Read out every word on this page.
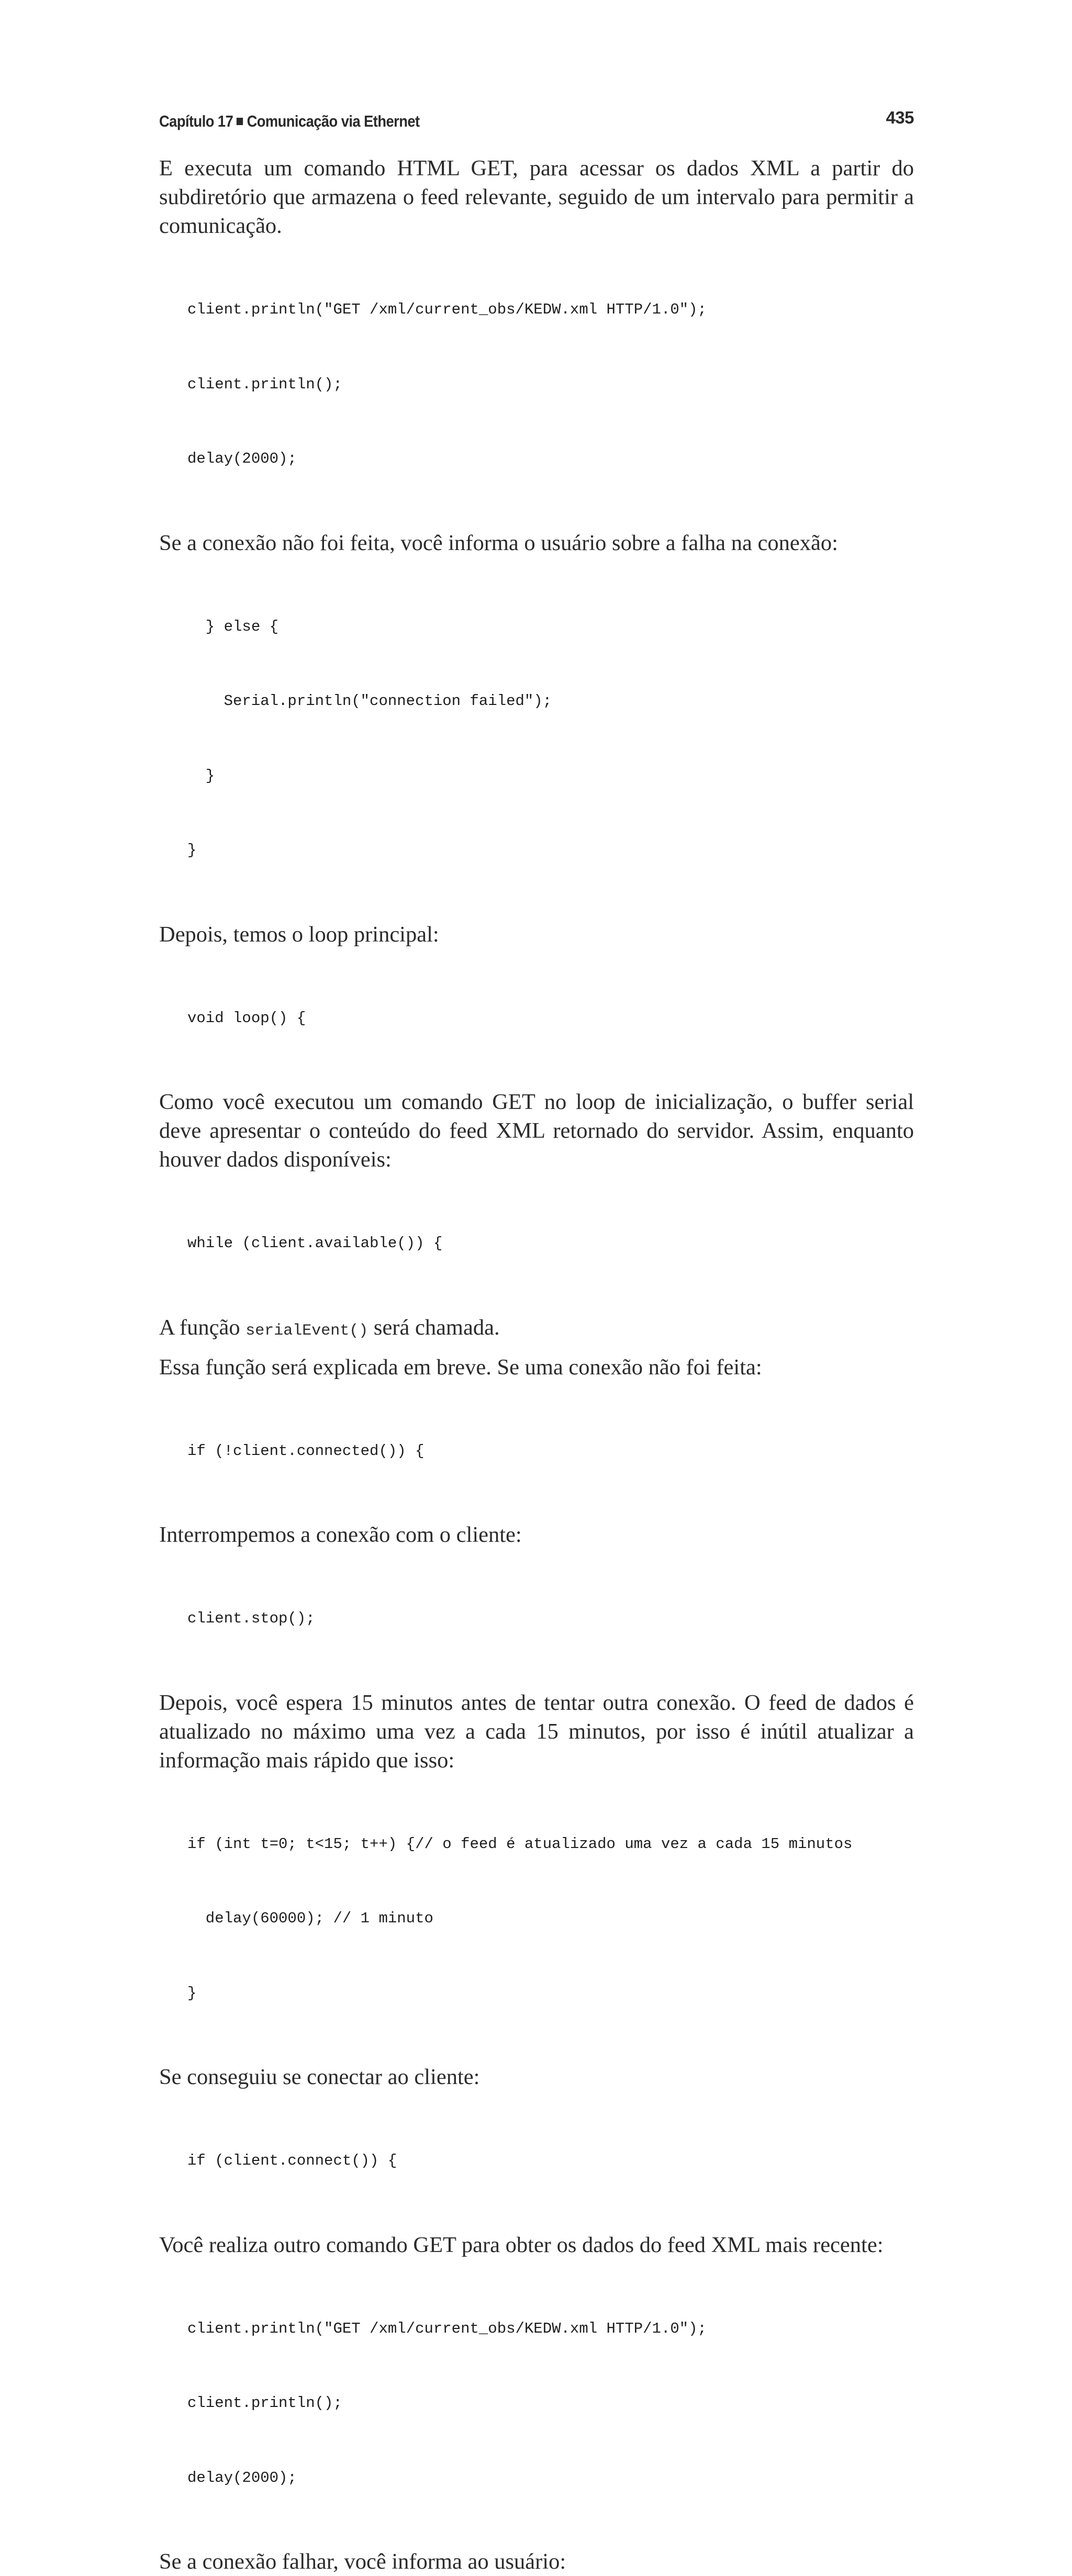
Capítulo 17 Comunicação via Ethernet	435

E executa um comando HTML GET, para acessar os dados XML a partir do subdiretório que armazena o feed relevante, seguido de um intervalo para permitir a comunicação.

client.println("GET /xml/current_obs/KEDW.xml HTTP/1.0");

client.println();

delay(2000);

Se a conexão não foi feita, você informa o usuário sobre a falha na conexão:

} else {

Serial.println("connection failed");

}

}

Depois, temos o loop principal:

void loop() {

Como você executou um comando GET no loop de inicialização, o buffer serial deve apresentar o conteúdo do feed XML retornado do servidor. Assim, enquanto houver dados disponíveis:

while (client.available()) {

A função serialEvent() será chamada.

Essa função será explicada em breve. Se uma conexão não foi feita:

if (!client.connected()) {

Interrompemos a conexão com o cliente:

client.stop();

Depois, você espera 15 minutos antes de tentar outra conexão. O feed de dados é atualizado no máximo uma vez a cada 15 minutos, por isso é inútil atualizar a informação mais rápido que isso:

if (int t=0; t<15; t++) {// o feed é atualizado uma vez a cada 15 minutos

delay(60000); // 1 minuto

}

Se conseguiu se conectar ao cliente:

if (client.connect()) {

Você realiza outro comando GET para obter os dados do feed XML mais recente:

client.println("GET /xml/current_obs/KEDW.xml HTTP/1.0");

client.println();

delay(2000);

Se a conexão falhar, você informa ao usuário:
